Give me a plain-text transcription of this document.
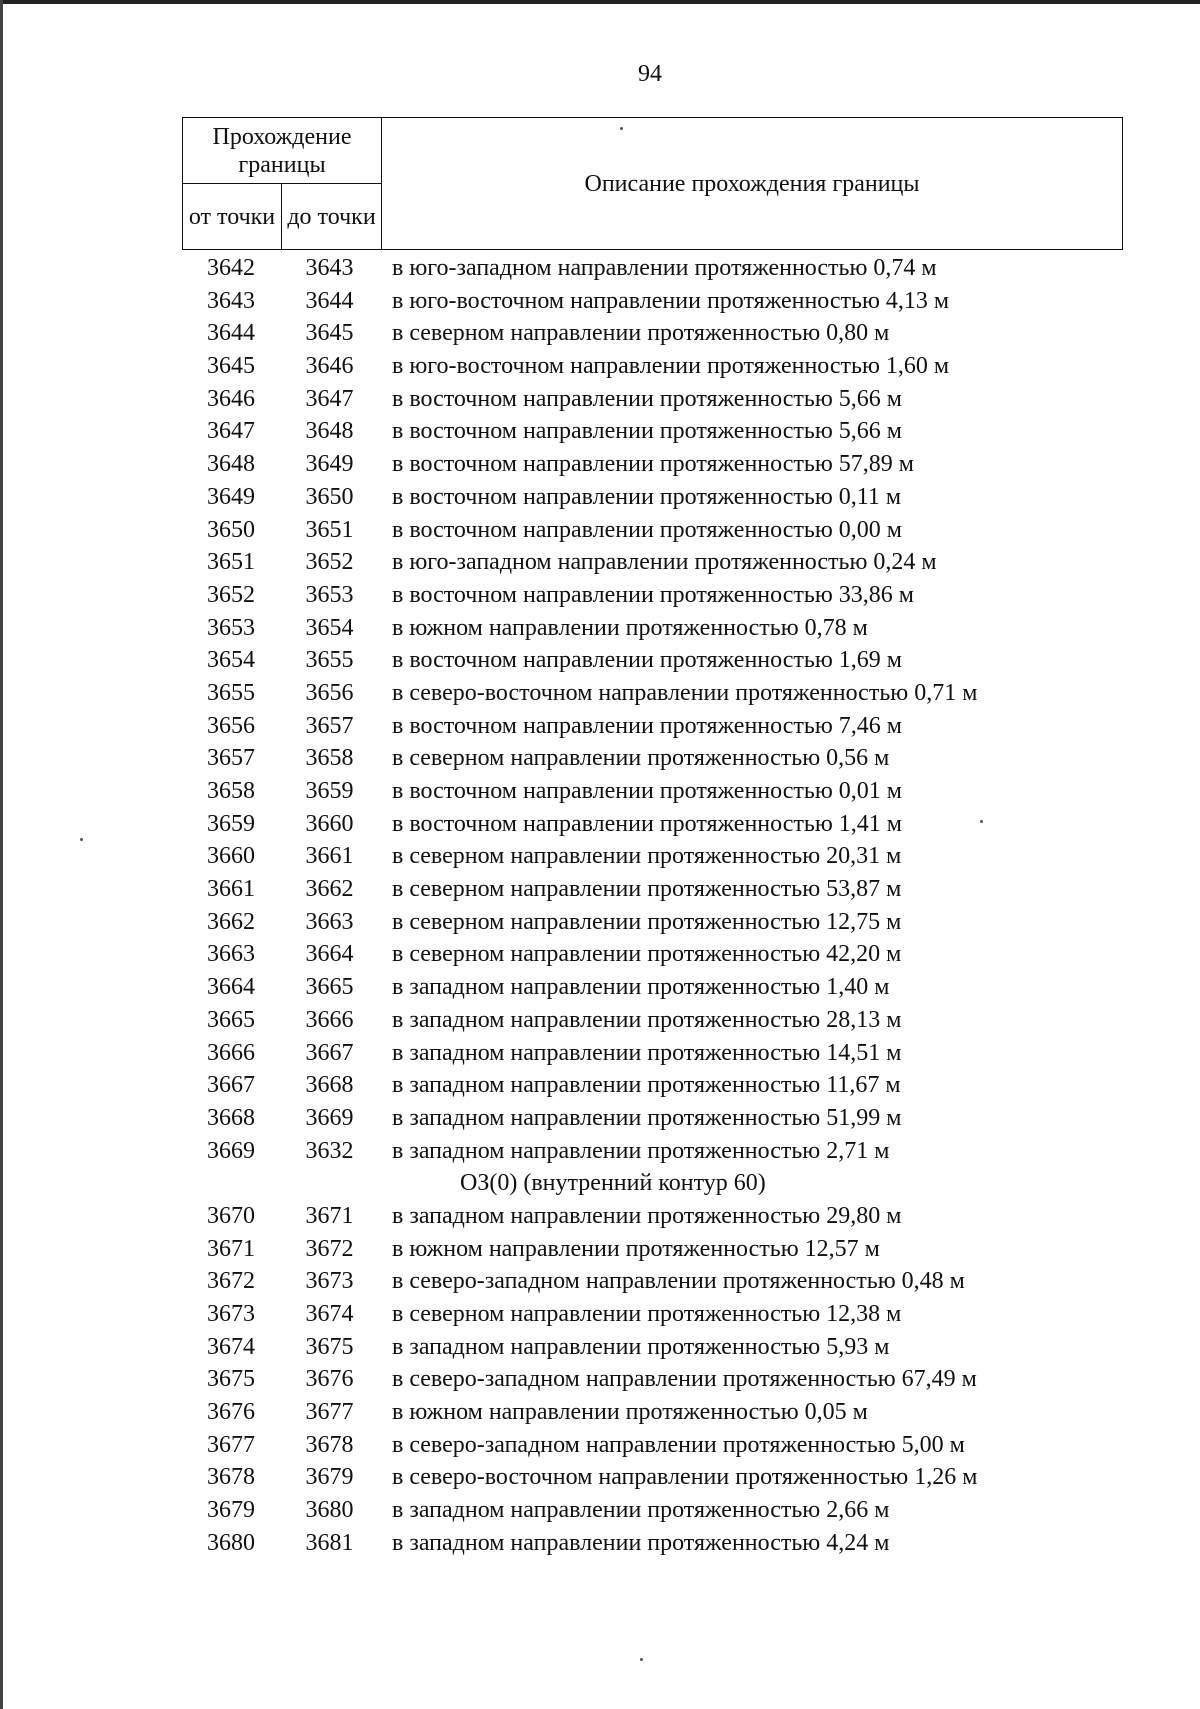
94
Прохождение границы		Описание прохождения границы
от точки	до точки	
3642	3643	в юго-западном направлении протяженностью 0,74 м
3643	3644	в юго-восточном направлении протяженностью 4,13 м
3644	3645	в северном направлении протяженностью 0,80 м
3645	3646	в юго-восточном направлении протяженностью 1,60 м
3646	3647	в восточном направлении протяженностью 5,66 м
3647	3648	в восточном направлении протяженностью 5,66 м
3648	3649	в восточном направлении протяженностью 57,89 м
3649	3650	в восточном направлении протяженностью 0,11 м
3650	3651	в восточном направлении протяженностью 0,00 м
3651	3652	в юго-западном направлении протяженностью 0,24 м
3652	3653	в восточном направлении протяженностью 33,86 м
3653	3654	в южном направлении протяженностью 0,78 м
3654	3655	в восточном направлении протяженностью 1,69 м
3655	3656	в северо-восточном направлении протяженностью 0,71 м
3656	3657	в восточном направлении протяженностью 7,46 м
3657	3658	в северном направлении протяженностью 0,56 м
3658	3659	в восточном направлении протяженностью 0,01 м
3659	3660	в восточном направлении протяженностью 1,41 м
3660	3661	в северном направлении протяженностью 20,31 м
3661	3662	в северном направлении протяженностью 53,87 м
3662	3663	в северном направлении протяженностью 12,75 м
3663	3664	в северном направлении протяженностью 42,20 м
3664	3665	в западном направлении протяженностью 1,40 м
3665	3666	в западном направлении протяженностью 28,13 м
3666	3667	в западном направлении протяженностью 14,51 м
3667	3668	в западном направлении протяженностью 11,67 м
3668	3669	в западном направлении протяженностью 51,99 м
3669	3632	в западном направлении протяженностью 2,71 м
ОЗ(0) (внутренний контур 60)
3670	3671	в западном направлении протяженностью 29,80 м
3671	3672	в южном направлении протяженностью 12,57 м
3672	3673	в северо-западном направлении протяженностью 0,48 м
3673	3674	в северном направлении протяженностью 12,38 м
3674	3675	в западном направлении протяженностью 5,93 м
3675	3676	в северо-западном направлении протяженностью 67,49 м
3676	3677	в южном направлении протяженностью 0,05 м
3677	3678	в северо-западном направлении протяженностью 5,00 м
3678	3679	в северо-восточном направлении протяженностью 1,26 м
3679	3680	в западном направлении протяженностью 2,66 м
3680	3681	в западном направлении протяженностью 4,24 м
